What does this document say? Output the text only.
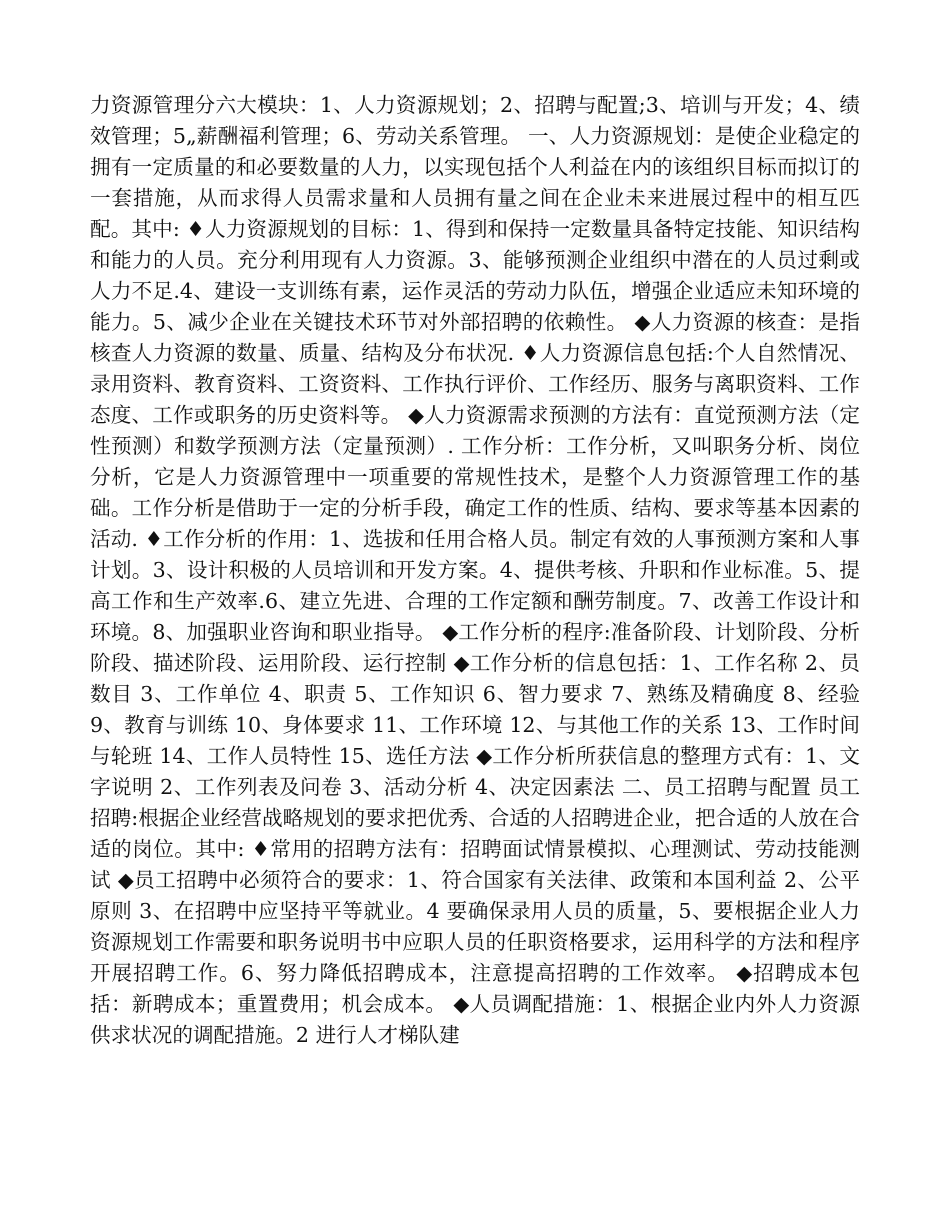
力资源管理分六大模块：1、人力资源规划；2、招聘与配置;3、培训与开发；4、绩效管理；5„薪酬福利管理；6、劳动关系管理。 一、人力资源规划：是使企业稳定的拥有一定质量的和必要数量的人力，以实现包括个人利益在内的该组织目标而拟订的一套措施，从而求得人员需求量和人员拥有量之间在企业未来进展过程中的相互匹配。其中: ♦人力资源规划的目标：1、得到和保持一定数量具备特定技能、知识结构和能力的人员。充分利用现有人力资源。3、能够预测企业组织中潜在的人员过剩或人力不足.4、建设一支训练有素，运作灵活的劳动力队伍，增强企业适应未知环境的能力。5、减少企业在关键技术环节对外部招聘的依赖性。 ◆人力资源的核查：是指核查人力资源的数量、质量、结构及分布状况. ♦人力资源信息包括:个人自然情况、录用资料、教育资料、工资资料、工作执行评价、工作经历、服务与离职资料、工作态度、工作或职务的历史资料等。 ◆人力资源需求预测的方法有：直觉预测方法（定性预测）和数学预测方法（定量预测）. 工作分析：工作分析，又叫职务分析、岗位分析，它是人力资源管理中一项重要的常规性技术，是整个人力资源管理工作的基础。工作分析是借助于一定的分析手段，确定工作的性质、结构、要求等基本因素的活动. ♦工作分析的作用：1、选拔和任用合格人员。制定有效的人事预测方案和人事计划。3、设计积极的人员培训和开发方案。4、提供考核、升职和作业标准。5、提高工作和生产效率.6、建立先进、合理的工作定额和酬劳制度。7、改善工作设计和环境。8、加强职业咨询和职业指导。 ◆工作分析的程序:准备阶段、计划阶段、分析阶段、描述阶段、运用阶段、运行控制 ◆工作分析的信息包括：1、工作名称 2、员数目 3、工作单位 4、职责 5、工作知识 6、智力要求 7、熟练及精确度 8、经验 9、教育与训练 10、身体要求 11、工作环境 12、与其他工作的关系 13、工作时间与轮班 14、工作人员特性 15、选任方法 ◆工作分析所获信息的整理方式有：1、文字说明 2、工作列表及问卷 3、活动分析 4、决定因素法 二、员工招聘与配置 员工招聘:根据企业经营战略规划的要求把优秀、合适的人招聘进企业，把合适的人放在合适的岗位。其中: ♦常用的招聘方法有：招聘面试情景模拟、心理测试、劳动技能测试 ◆员工招聘中必须符合的要求：1、符合国家有关法律、政策和本国利益 2、公平原则 3、在招聘中应坚持平等就业。4 要确保录用人员的质量，5、要根据企业人力资源规划工作需要和职务说明书中应职人员的任职资格要求，运用科学的方法和程序开展招聘工作。6、努力降低招聘成本，注意提高招聘的工作效率。 ◆招聘成本包括：新聘成本；重置费用；机会成本。 ◆人员调配措施：1、根据企业内外人力资源供求状况的调配措施。2 进行人才梯队建
